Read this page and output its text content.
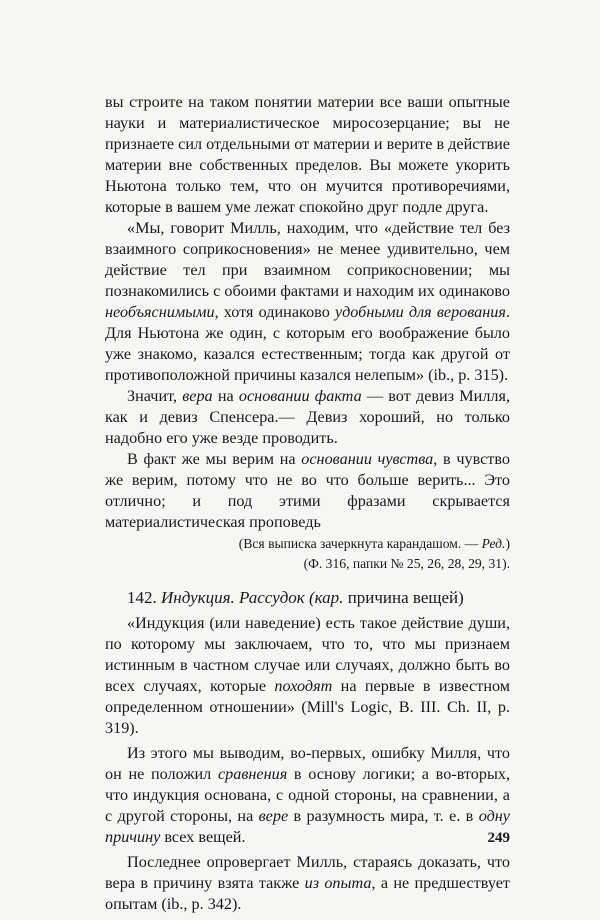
вы строите на таком понятии материи все ваши опытные науки и материалистическое миросозерцание; вы не признаете сил отдельными от материи и верите в действие материи вне собственных пределов. Вы можете укорить Ньютона только тем, что он мучится противоречиями, которые в вашем уме лежат спокойно друг подле друга.

«Мы, говорит Милль, находим, что «действие тел без взаимного соприкосновения» не менее удивительно, чем действие тел при взаимном соприкосновении; мы познакомились с обоими фактами и находим их одинаково необъяснимыми, хотя одинаково удобными для верования. Для Ньютона же один, с которым его воображение было уже знакомо, казался естественным; тогда как другой от противоположной причины казался нелепым» (ib., p. 315).

Значит, вера на основании факта — вот девиз Милля, как и девиз Спенсера.— Девиз хороший, но только надобно его уже везде проводить.

В факт же мы верим на основании чувства, в чувство же верим, потому что не во что больше верить... Это отлично; и под этими фразами скрывается материалистическая проповедь

(Вся выписка зачеркнута карандашом. — Ред.)
(Ф. 316, папки № 25, 26, 28, 29, 31).
142. Индукция. Рассудок (кар. причина вещей)

«Индукция (или наведение) есть такое действие души, по которому мы заключаем, что то, что мы признаем истинным в частном случае или случаях, должно быть во всех случаях, которые походят на первые в известном определенном отношении» (Mill's Logic, B. III. Ch. II, p. 319).

Из этого мы выводим, во-первых, ошибку Милля, что он не положил сравнения в основу логики; а во-вторых, что индукция основана, с одной стороны, на сравнении, а с другой стороны, на вере в разумность мира, т. е. в одну причину всех вещей.

Последнее опровергает Милль, стараясь доказать, что вера в причину взята также из опыта, а не предшествует опытам (ib., p. 342).

249
